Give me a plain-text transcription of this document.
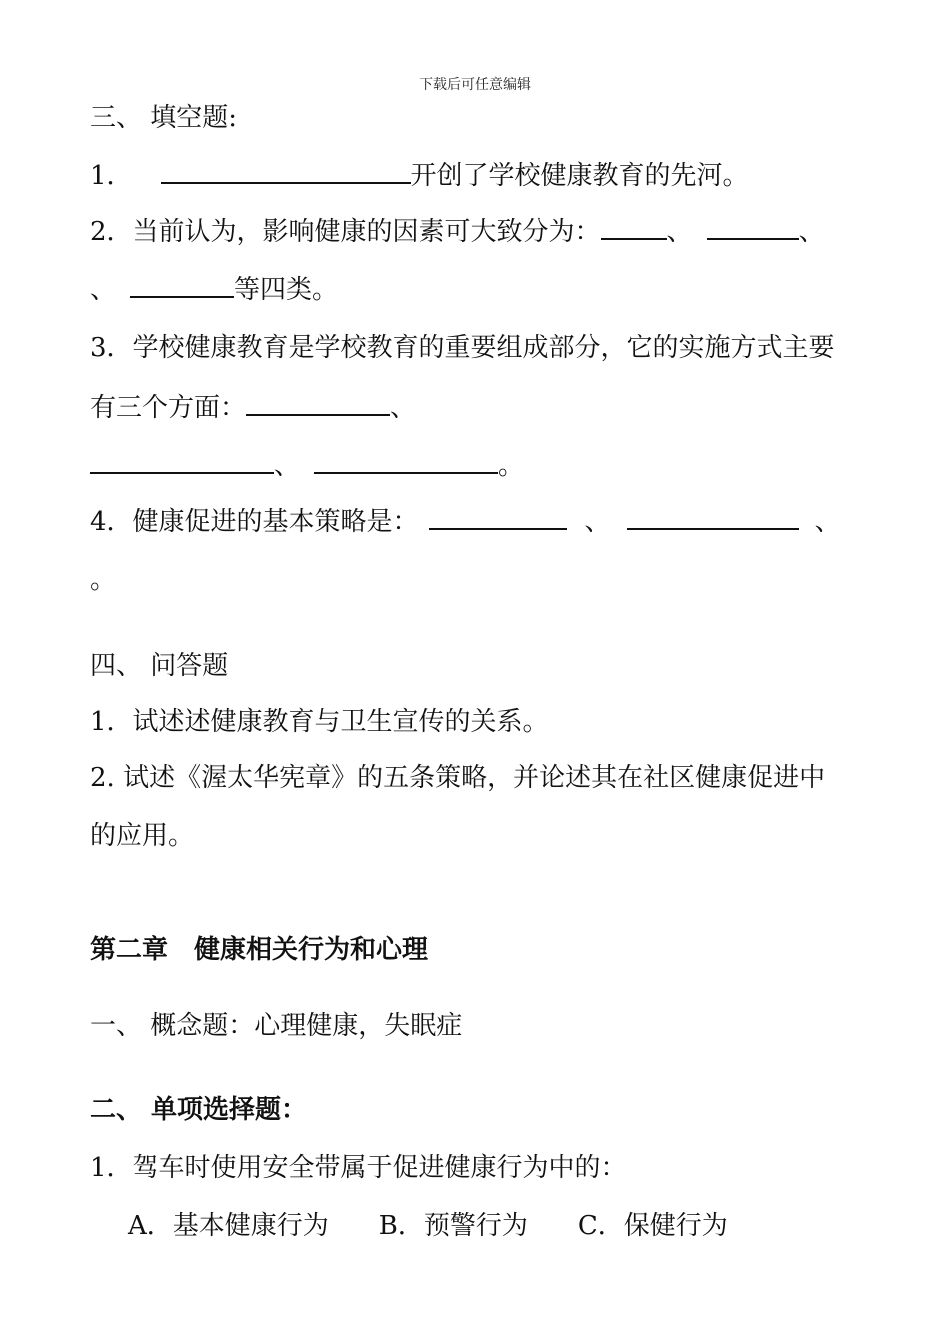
下载后可任意编辑
三、 填空题:
1．	开创了学校健康教育的先河。
2．当前认为，影响健康的因素可大致分为：	、	、
、	等四类。
3．学校健康教育是学校教育的重要组成部分，它的实施方式主要
有三个方面：	、
、	。
4．健康促进的基本策略是：	、	、
。
四、 问答题
1．试述述健康教育与卫生宣传的关系。
2. 试述《渥太华宪章》的五条策略，并论述其在社区健康促进中
的应用。
第二章　健康相关行为和心理
一、 概念题：心理健康，失眠症
二、 单项选择题：
1．驾车时使用安全带属于促进健康行为中的：
A．基本健康行为 B．预警行为 C．保健行为
